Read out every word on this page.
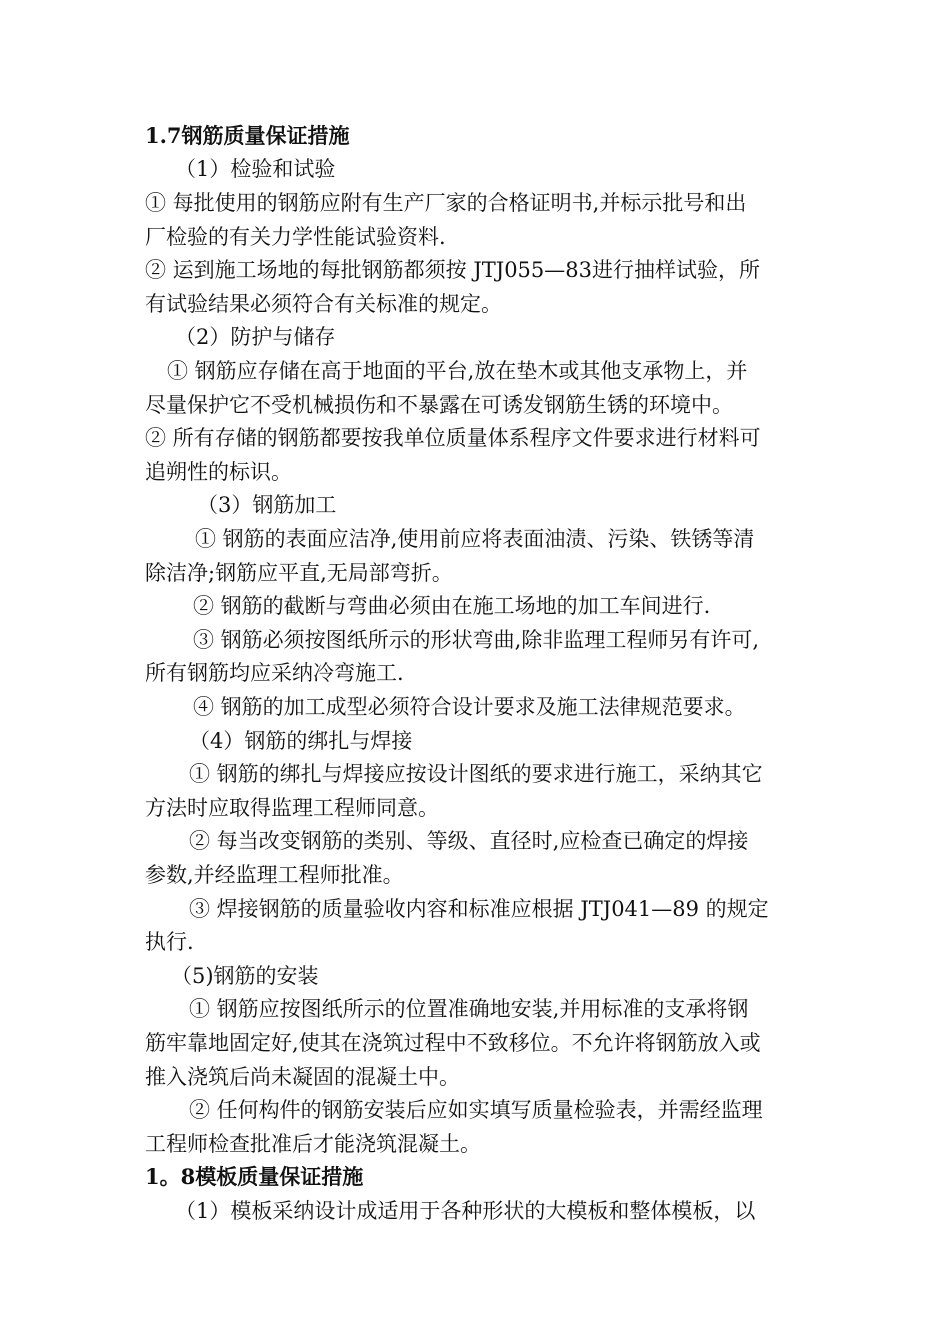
1.7钢筋质量保证措施
（1）检验和试验
① 每批使用的钢筋应附有生产厂家的合格证明书,并标示批号和出
厂检验的有关力学性能试验资料.
② 运到施工场地的每批钢筋都须按 JTJ055—83进行抽样试验，所
有试验结果必须符合有关标准的规定。
（2）防护与储存
① 钢筋应存储在高于地面的平台,放在垫木或其他支承物上，并
尽量保护它不受机械损伤和不暴露在可诱发钢筋生锈的环境中。
② 所有存储的钢筋都要按我单位质量体系程序文件要求进行材料可
追朔性的标识。
（3）钢筋加工
① 钢筋的表面应洁净,使用前应将表面油渍、污染、铁锈等清
除洁净;钢筋应平直,无局部弯折。
② 钢筋的截断与弯曲必须由在施工场地的加工车间进行.
③ 钢筋必须按图纸所示的形状弯曲,除非监理工程师另有许可,
所有钢筋均应采纳冷弯施工.
④ 钢筋的加工成型必须符合设计要求及施工法律规范要求。
（4）钢筋的绑扎与焊接
① 钢筋的绑扎与焊接应按设计图纸的要求进行施工，采纳其它
方法时应取得监理工程师同意。
② 每当改变钢筋的类别、等级、直径时,应检查已确定的焊接
参数,并经监理工程师批准。
③ 焊接钢筋的质量验收内容和标准应根据 JTJ041—89 的规定
执行.
（5)钢筋的安装
① 钢筋应按图纸所示的位置准确地安装,并用标准的支承将钢
筋牢靠地固定好,使其在浇筑过程中不致移位。不允许将钢筋放入或
推入浇筑后尚未凝固的混凝土中。
② 任何构件的钢筋安装后应如实填写质量检验表，并需经监理
工程师检查批准后才能浇筑混凝土。
1。8模板质量保证措施
（1）模板采纳设计成适用于各种形状的大模板和整体模板，以
